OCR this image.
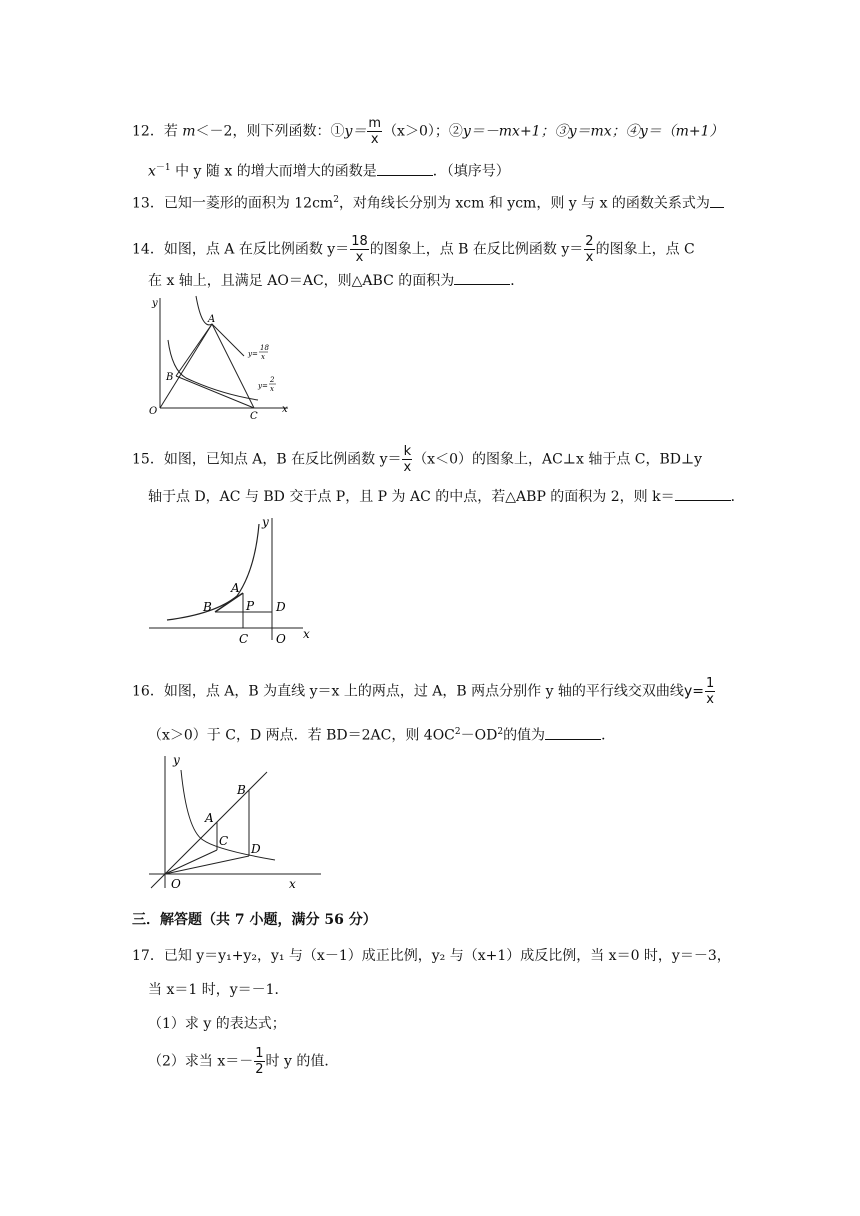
12．若 m＜－2，则下列函数：①y＝ $\frac{m}{x} (x>0)$；②y＝－mx+1；③y＝mx；④y＝（m+1）
$x^{-1}$ 中 y 随 x 的增大而增大的函数是	．（填序号）
13．已知一菱形的面积为 $12cm^2$，对角线长分别为 xcm 和 ycm，则 y 与 x 的函数关系式为
14．如图，点 A 在反比例函数 $y= \frac{18}{x}$ 的图象上，点 B 在反比例函数 $y= \frac{2}{x}$ 的图象上，点 C
在 x 轴上，且满足 AO＝AC，则△ABC 的面积为	．
y
x
O
A
B
C
y=
18
x
y=
2
x
15．如图，已知点 A，B 在反比例函数 $y= \frac{k}{x} (x<0)$的图象上，AC⊥x 轴于点 C，BD⊥y
轴于点 D，AC 与 BD 交于点 P，且 P 为 AC 的中点，若△ABP 的面积为 2，则 k＝	．
y
x
O
A
B
C
D
P
16．如图，点 A，B 为直线 y＝x 上的两点，过 A，B 两点分别作 y 轴的平行线交双曲线$y= \frac{1}{x}$
（x＞0）于 C，D 两点．若 BD＝2AC，则 $4OC^2-OD^2$的值为	．
y
x
O
A
B
C
D
三．解答题（共 7 小题，满分 56 分）
17．已知 y＝y₁+y₂，y₁ 与（x－1）成正比例，y₂ 与（x+1）成反比例，当 x＝0 时，y＝－3，
当 x＝1 时，y＝－1．
（1）求 y 的表达式；
（2）求当 $x=- \frac{1}{2}$ 时 y 的值．
